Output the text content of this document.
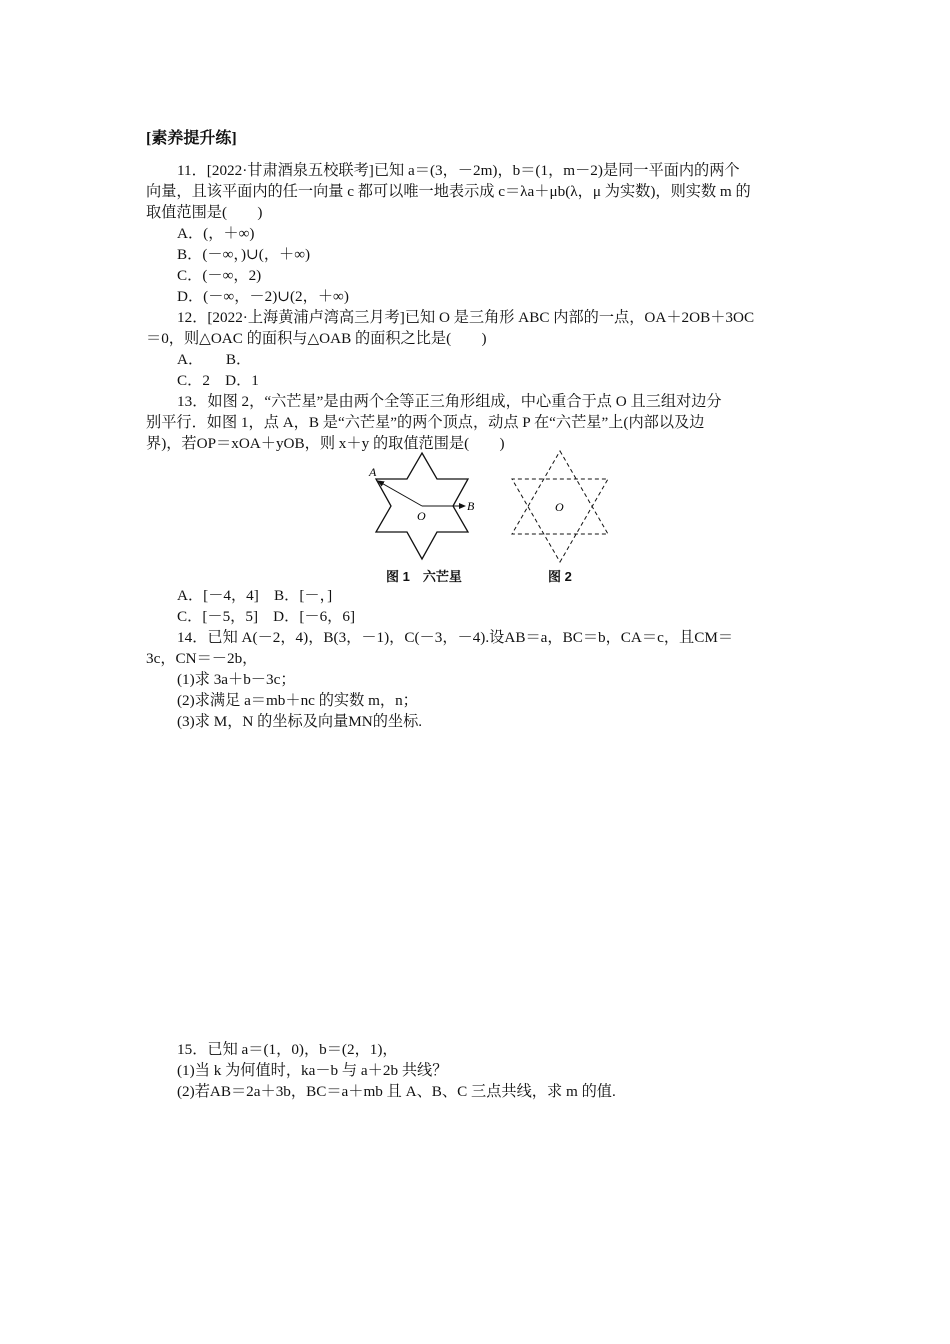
[素养提升练]
11．[2022·甘肃酒泉五校联考]已知 a＝(3，－2m)，b＝(1，m－2)是同一平面内的两个
向量，且该平面内的任一向量 c 都可以唯一地表示成 c＝λa＋μb(λ，μ 为实数)，则实数 m 的
取值范围是(　　)
A．(，＋∞)
B．(－∞，)∪(，＋∞)
C．(－∞，2)
D．(－∞，－2)∪(2，＋∞)
12．[2022·上海黄浦卢湾高三月考]已知 O 是三角形 ABC 内部的一点，OA＋2OB＋3OC
＝0，则△OAC 的面积与△OAB 的面积之比是(　　)
A．　　B．
C．2　D．1
13．如图 2，“六芒星”是由两个全等正三角形组成，中心重合于点 O 且三组对边分
别平行．如图 1，点 A，B 是“六芒星”的两个顶点，动点 P 在“六芒星”上(内部以及边
界)，若OP＝xOA＋yOB，则 x＋y 的取值范围是(　　)
A
B
O
O
图 1　六芒星	图 2
A．[－4，4]　B．[－，]
C．[－5，5]　D．[－6，6]
14．已知 A(－2，4)，B(3，－1)，C(－3，－4).设AB＝a，BC＝b，CA＝c，且CM＝
3c，CN＝－2b，
(1)求 3a＋b－3c；
(2)求满足 a＝mb＋nc 的实数 m，n；
(3)求 M，N 的坐标及向量MN的坐标.
15．已知 a＝(1，0)，b＝(2，1)，
(1)当 k 为何值时，ka－b 与 a＋2b 共线？
(2)若AB＝2a＋3b，BC＝a＋mb 且 A、B、C 三点共线，求 m 的值.
